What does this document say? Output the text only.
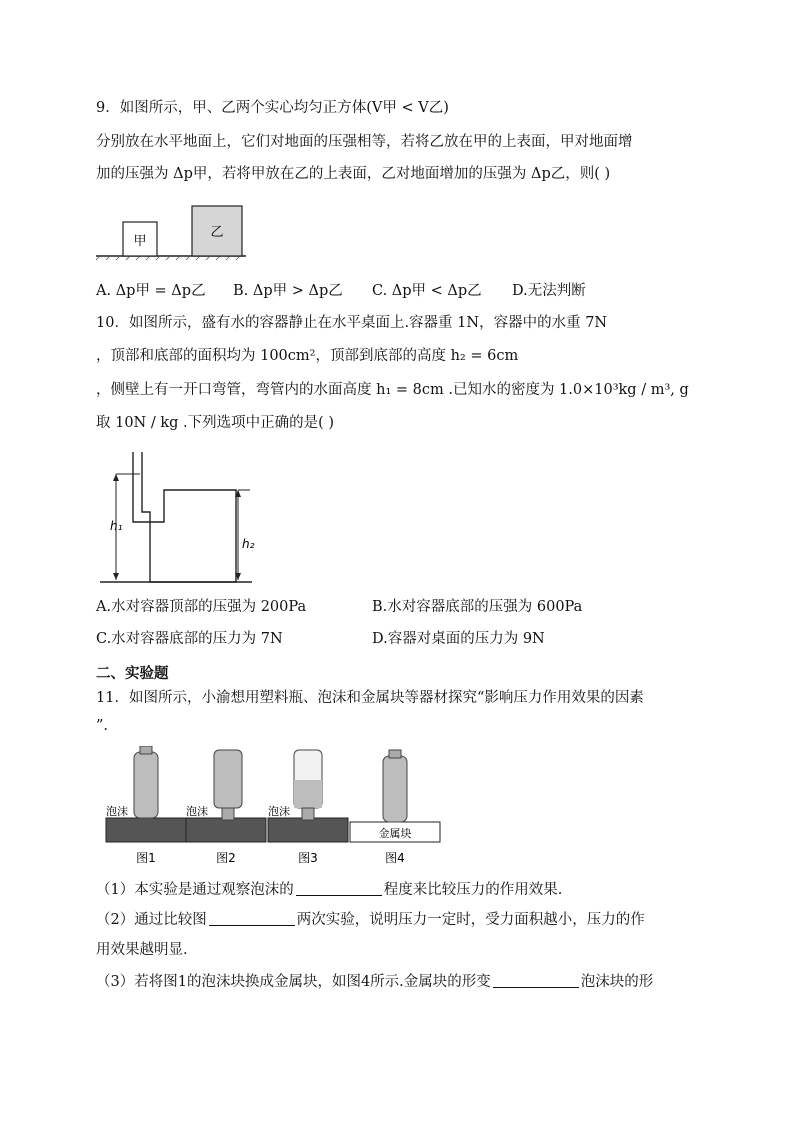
9．如图所示，甲、乙两个实心均匀正方体(V甲 < V乙)
分别放在水平地面上，它们对地面的压强相等，若将乙放在甲的上表面，甲对地面增
加的压强为 Δp甲，若将甲放在乙的上表面，乙对地面增加的压强为 Δp乙，则( )
甲
乙
A. Δp甲 = Δp乙 B. Δp甲 > Δp乙 C. Δp甲 < Δp乙 D.无法判断
10．如图所示，盛有水的容器静止在水平桌面上.容器重 1N，容器中的水重 7N
，顶部和底部的面积均为 100cm²，顶部到底部的高度 h₂ = 6cm
，侧壁上有一开口弯管，弯管内的水面高度 h₁ = 8cm .已知水的密度为 1.0×10³kg / m³, g
取 10N / kg .下列选项中正确的是( )
h₁
h₂
A.水对容器顶部的压强为 200Pa	B.水对容器底部的压强为 600Pa
C.水对容器底部的压力为 7N	D.容器对桌面的压力为 9N
二、实验题
11．如图所示，小渝想用塑料瓶、泡沫和金属块等器材探究“影响压力作用效果的因素
”.
泡沫
图1
泡沫
图2
泡沫
图3
金属块
图4
（1）本实验是通过观察泡沫的	程度来比较压力的作用效果.
（2）通过比较图	两次实验，说明压力一定时，受力面积越小，压力的作
用效果越明显.
（3）若将图1的泡沫块换成金属块，如图4所示.金属块的形变	泡沫块的形
